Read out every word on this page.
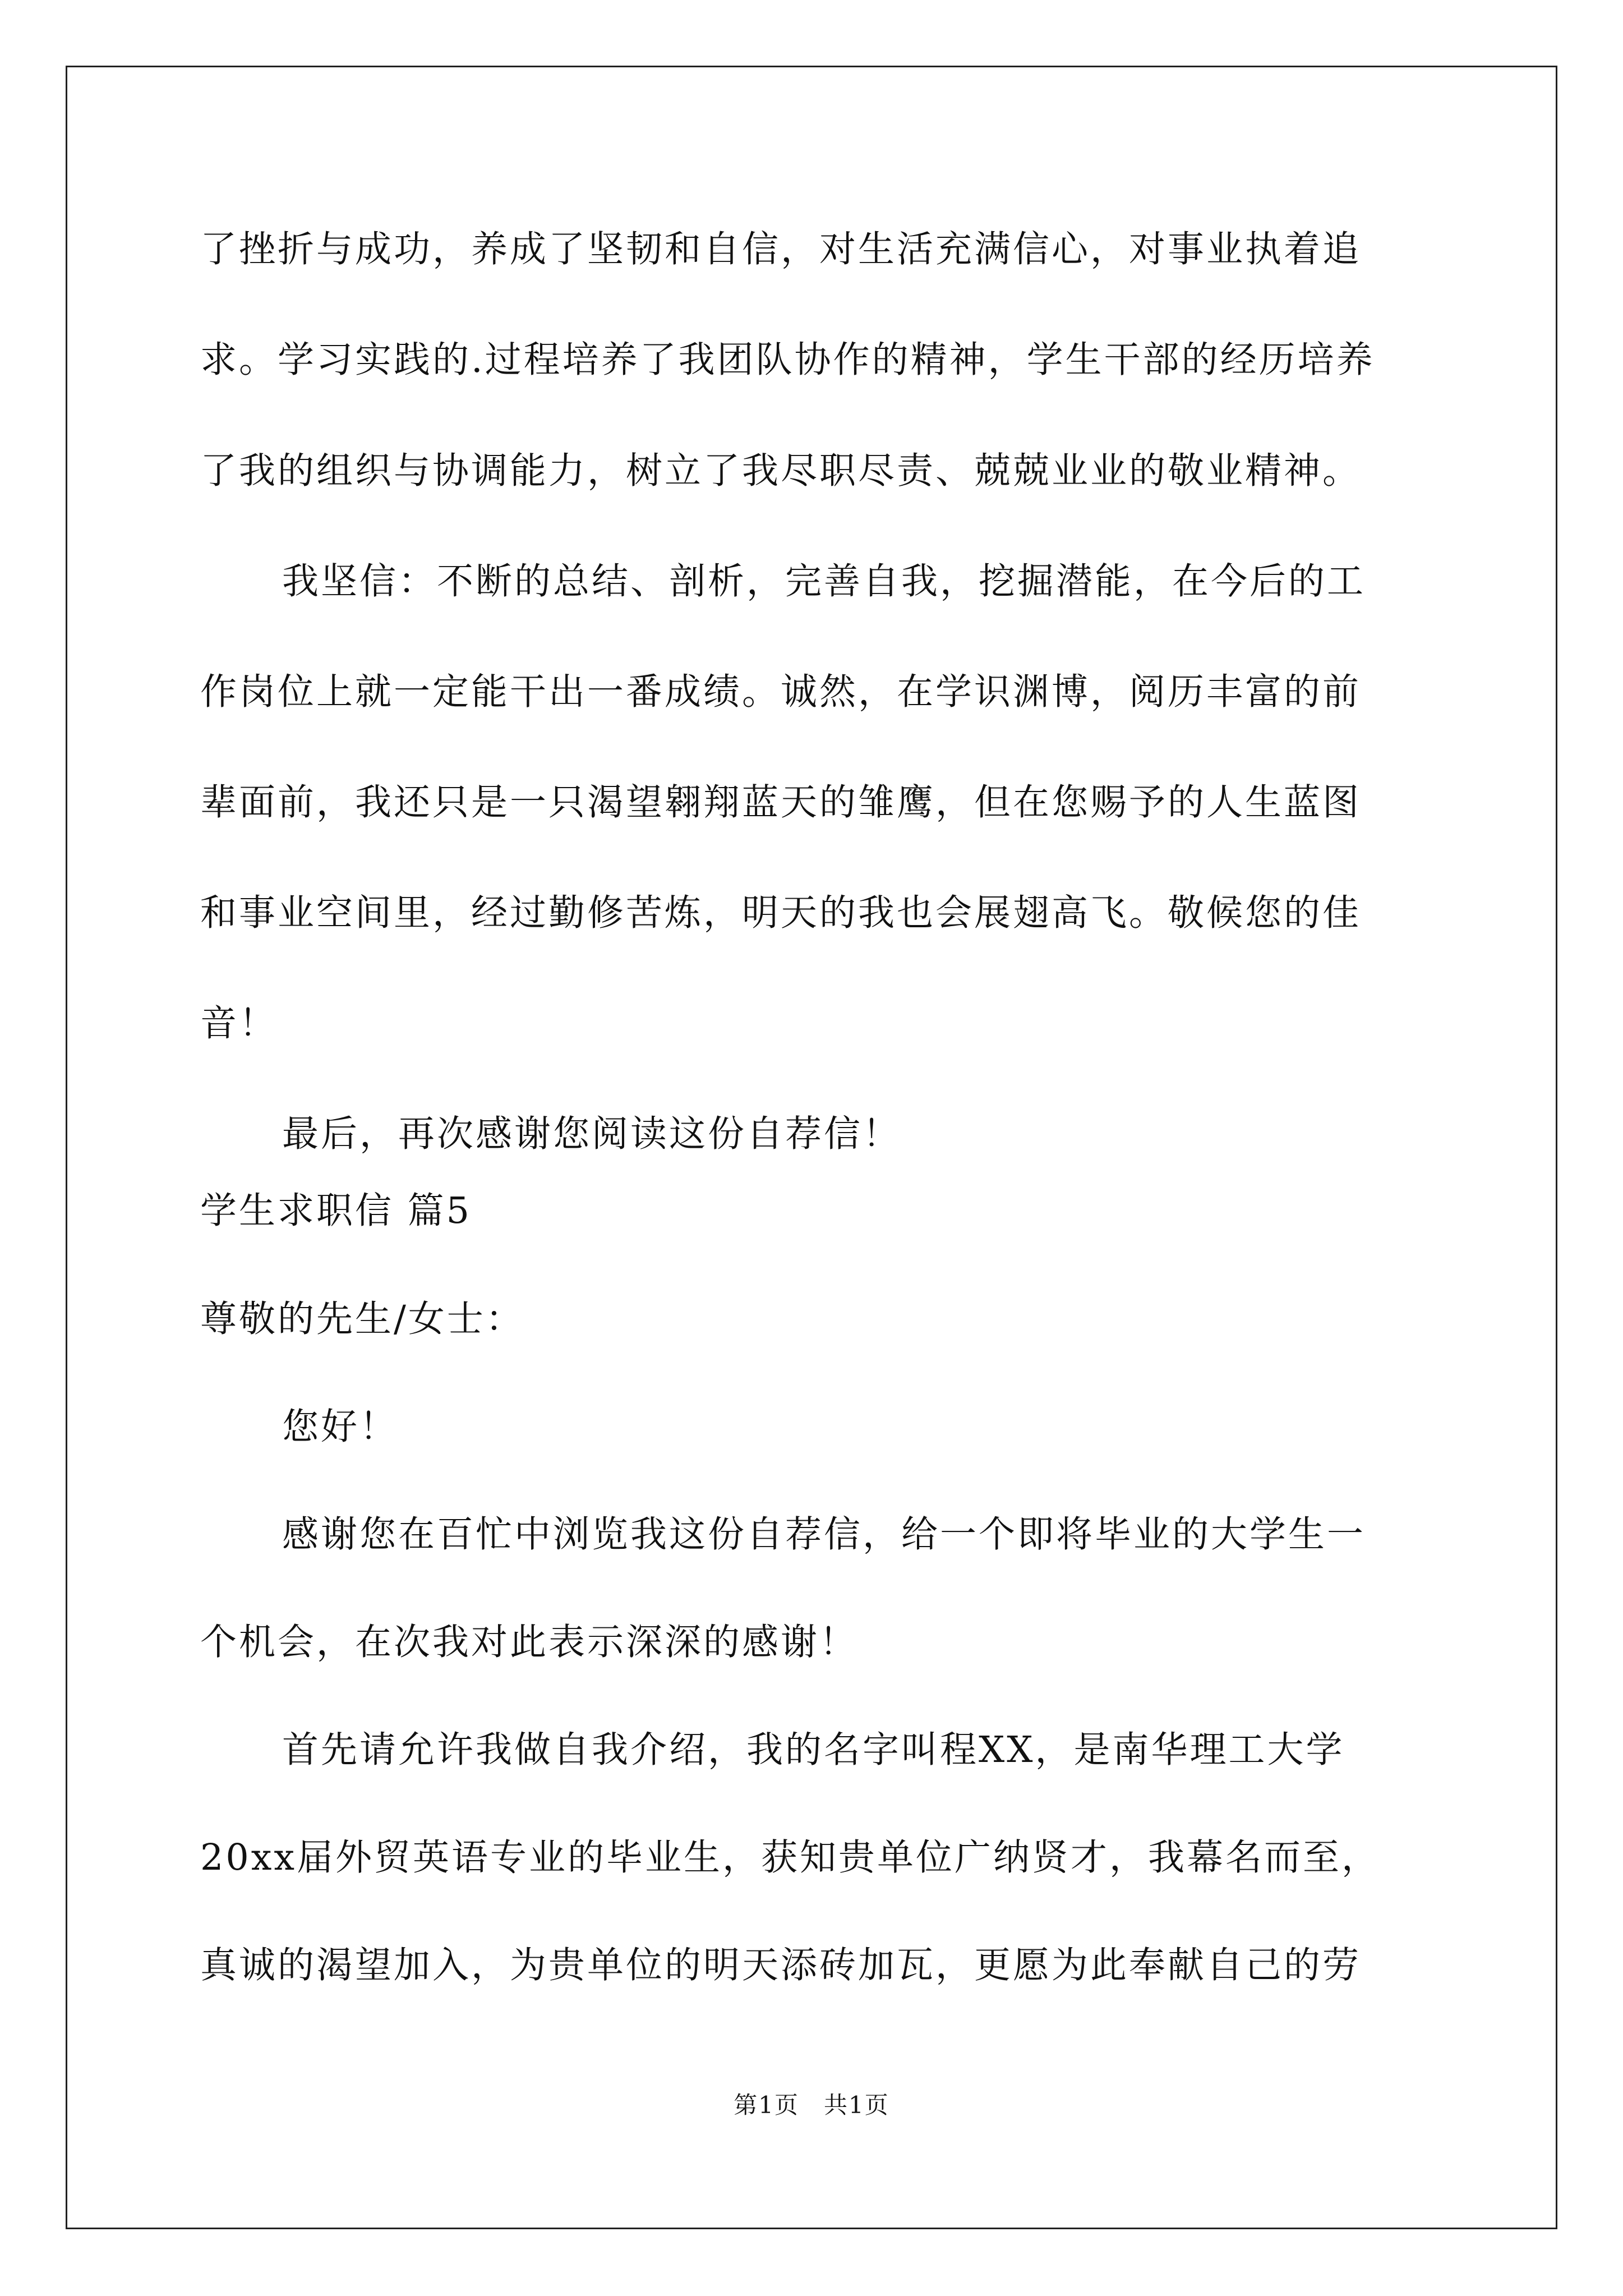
了挫折与成功，养成了坚韧和自信，对生活充满信心，对事业执着追
求。学习实践的.过程培养了我团队协作的精神，学生干部的经历培养
了我的组织与协调能力，树立了我尽职尽责、兢兢业业的敬业精神。
我坚信：不断的总结、剖析，完善自我，挖掘潜能，在今后的工
作岗位上就一定能干出一番成绩。诚然，在学识渊博，阅历丰富的前
辈面前，我还只是一只渴望翱翔蓝天的雏鹰，但在您赐予的人生蓝图
和事业空间里，经过勤修苦炼，明天的我也会展翅高飞。敬候您的佳
音！
最后，再次感谢您阅读这份自荐信！
学生求职信 篇5
尊敬的先生/女士：
您好！
感谢您在百忙中浏览我这份自荐信，给一个即将毕业的大学生一
个机会，在次我对此表示深深的感谢！
首先请允许我做自我介绍，我的名字叫程XX，是南华理工大学
20xx届外贸英语专业的毕业生，获知贵单位广纳贤才，我幕名而至，
真诚的渴望加入，为贵单位的明天添砖加瓦，更愿为此奉献自己的劳
第1页　共1页
